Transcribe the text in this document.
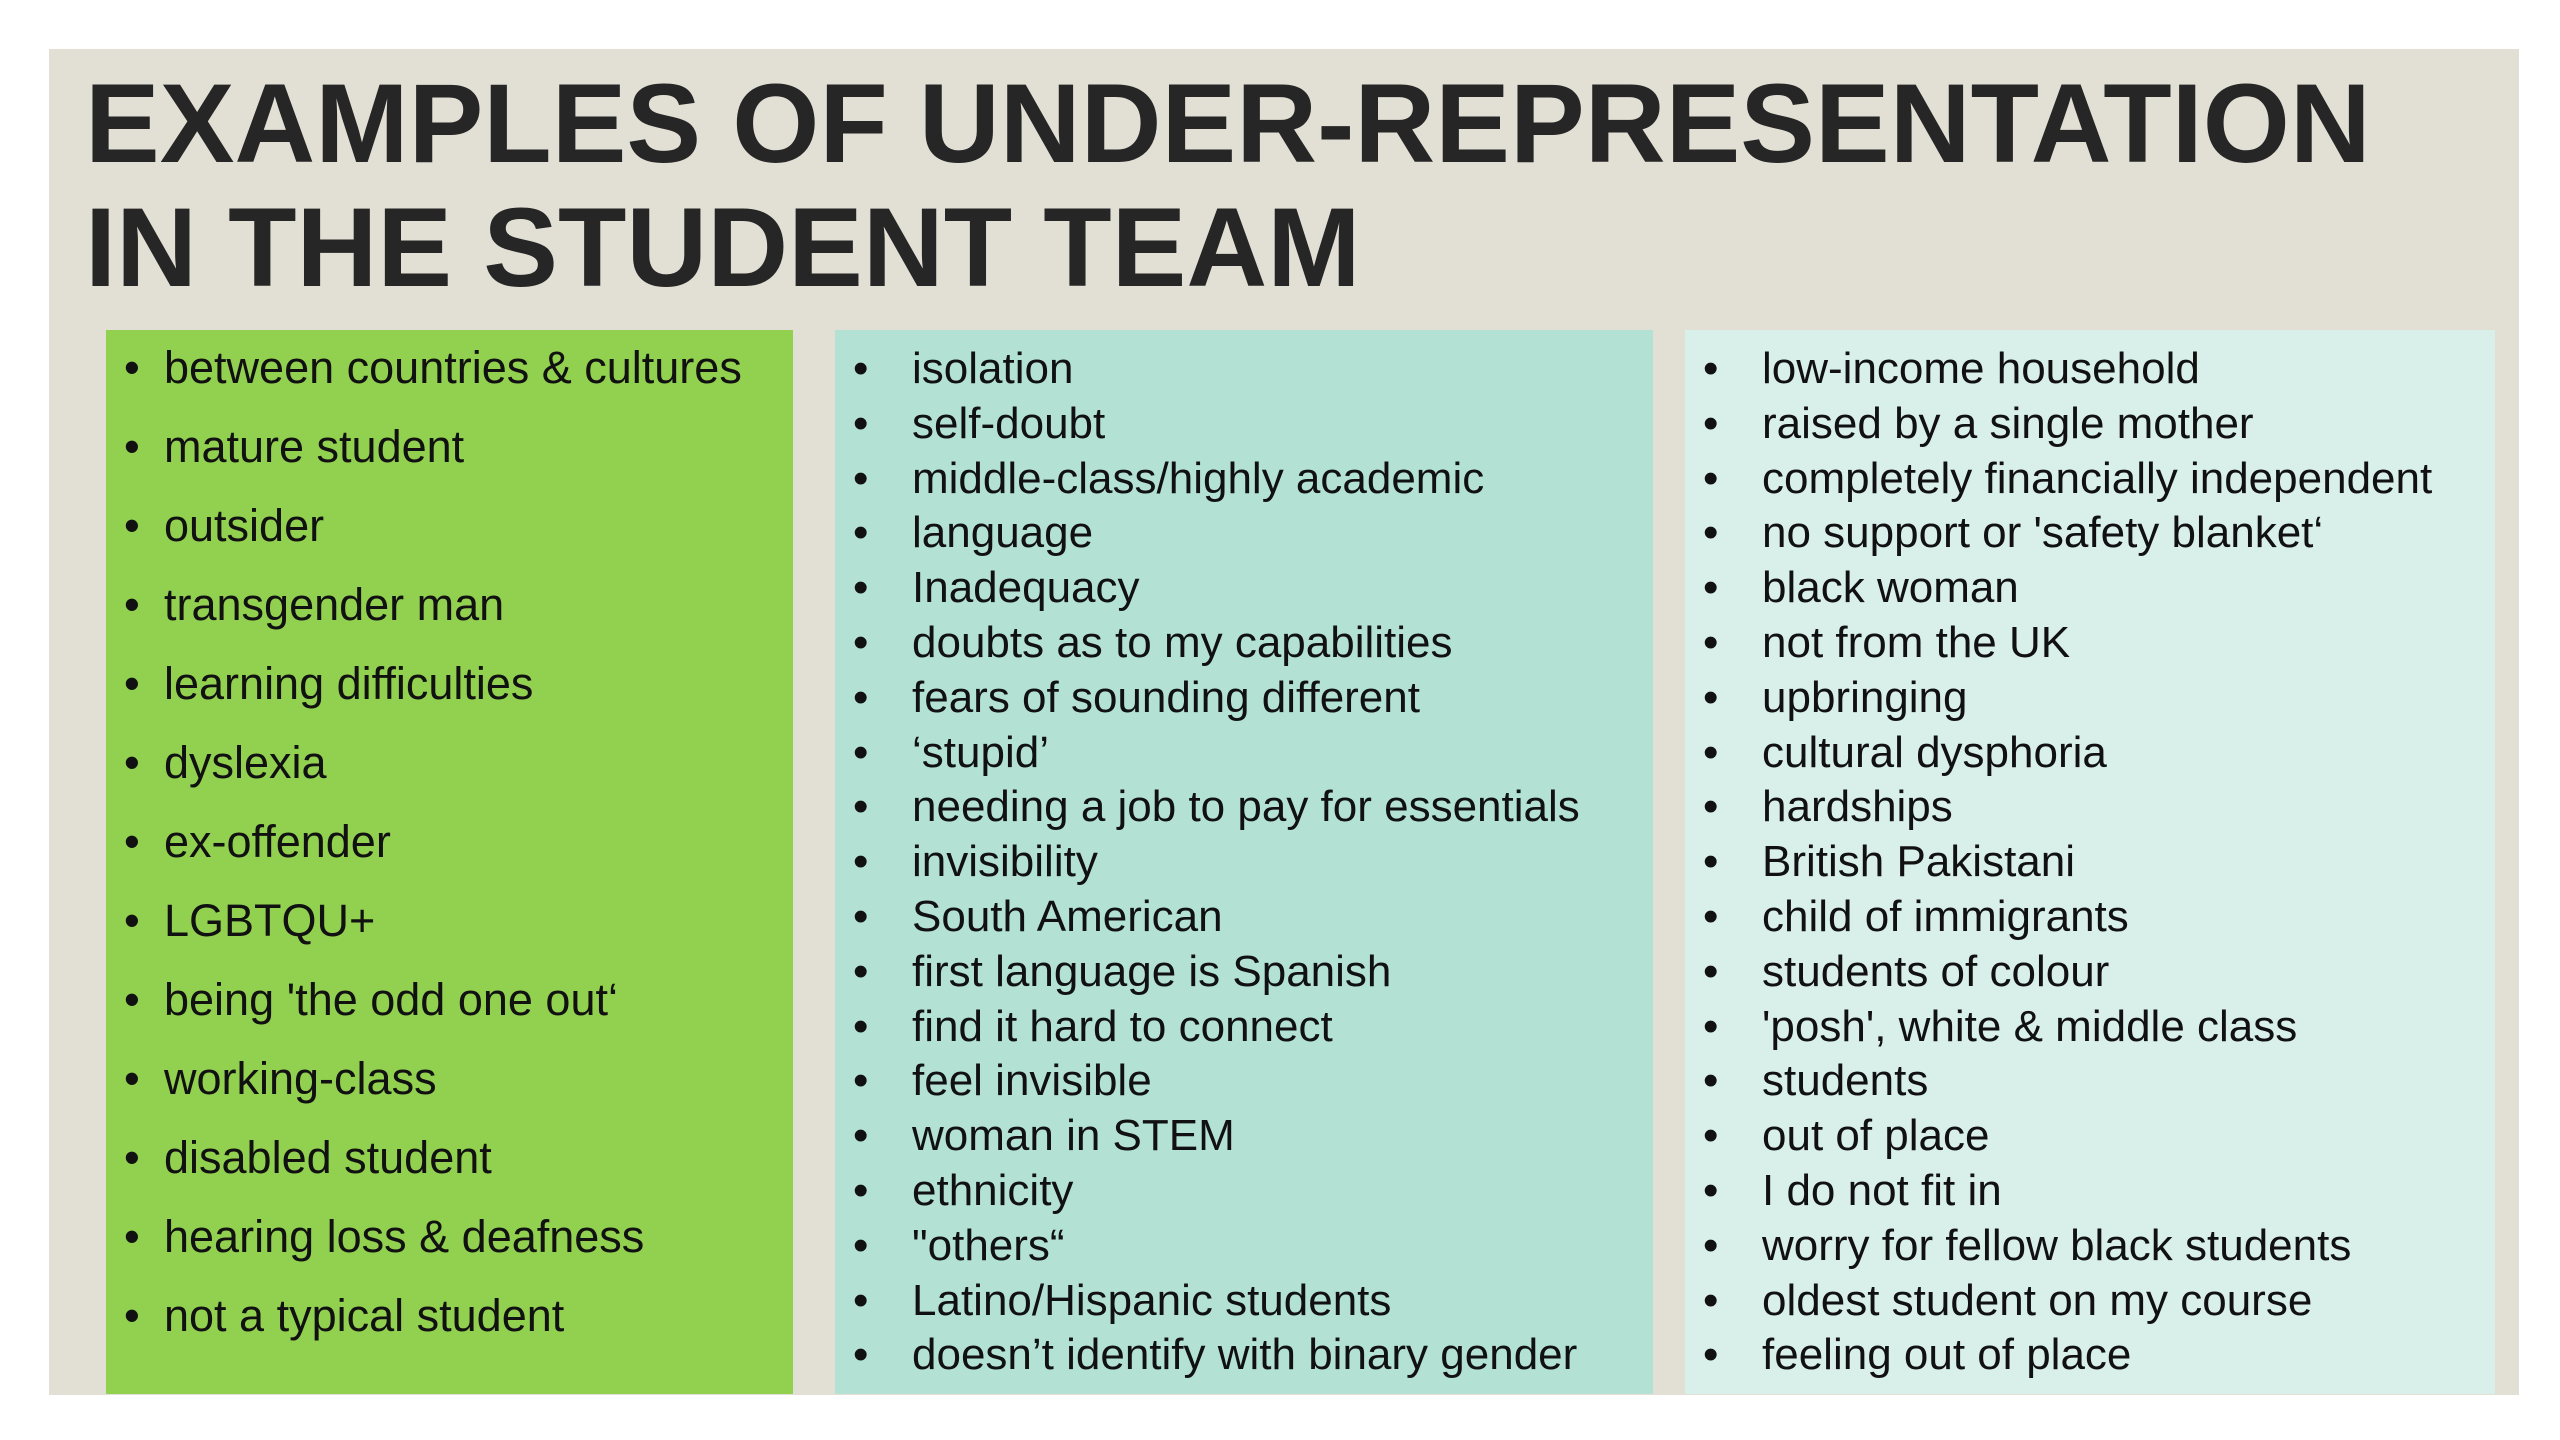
EXAMPLES OF UNDER-REPRESENTATION
IN THE STUDENT TEAM
• between countries & cultures
• mature student
• outsider
• transgender man
• learning difficulties
• dyslexia
• ex-offender
• LGBTQU+
• being 'the odd one out‘
• working-class
• disabled student
• hearing loss & deafness
• not a typical student
• isolation
• self-doubt
• middle-class/highly academic
• language
• Inadequacy
• doubts as to my capabilities
• fears of sounding different
• ‘stupid’
• needing a job to pay for essentials
• invisibility
• South American
• first language is Spanish
• find it hard to connect
• feel invisible
• woman in STEM
• ethnicity
• "others“
• Latino/Hispanic students
• doesn’t identify with binary gender
• low-income household
• raised by a single mother
• completely financially independent
• no support or 'safety blanket‘
• black woman
• not from the UK
• upbringing
• cultural dysphoria
• hardships
• British Pakistani
• child of immigrants
• students of colour
• 'posh', white & middle class
• students
• out of place
• I do not fit in
• worry for fellow black students
• oldest student on my course
• feeling out of place
